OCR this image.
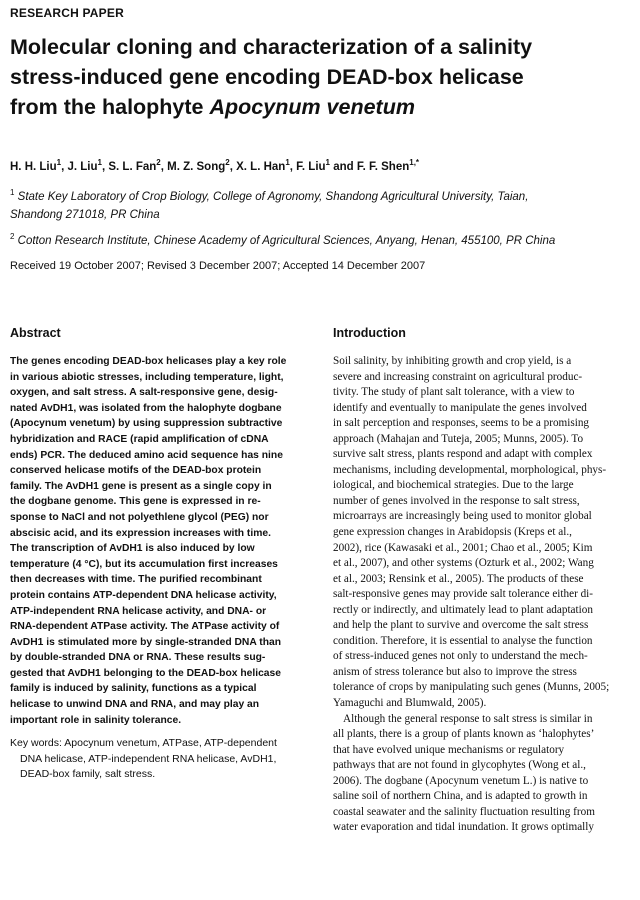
RESEARCH PAPER
Molecular cloning and characterization of a salinity
stress-induced gene encoding DEAD-box helicase
from the halophyte Apocynum venetum
H. H. Liu$^1$, J. Liu$^1$, S. L. Fan$^2$, M. Z. Song$^2$, X. L. Han$^1$, F. Liu$^1$ and F. F. Shen$^{1,*}$
$^1$ State Key Laboratory of Crop Biology, College of Agronomy, Shandong Agricultural University, Taian,
Shandong 271018, PR China
$^2$ Cotton Research Institute, Chinese Academy of Agricultural Sciences, Anyang, Henan, 455100, PR China
Received 19 October 2007; Revised 3 December 2007; Accepted 14 December 2007
Abstract
The genes encoding DEAD-box helicases play a key role
in various abiotic stresses, including temperature, light,
oxygen, and salt stress. A salt-responsive gene, desig-
nated AvDH1, was isolated from the halophyte dogbane
(Apocynum venetum) by using suppression subtractive
hybridization and RACE (rapid amplification of cDNA
ends) PCR. The deduced amino acid sequence has nine
conserved helicase motifs of the DEAD-box protein
family. The AvDH1 gene is present as a single copy in
the dogbane genome. This gene is expressed in re-
sponse to NaCl and not polyethlene glycol (PEG) nor
abscisic acid, and its expression increases with time.
The transcription of AvDH1 is also induced by low
temperature (4 °C), but its accumulation first increases
then decreases with time. The purified recombinant
protein contains ATP-dependent DNA helicase activity,
ATP-independent RNA helicase activity, and DNA- or
RNA-dependent ATPase activity. The ATPase activity of
AvDH1 is stimulated more by single-stranded DNA than
by double-stranded DNA or RNA. These results sug-
gested that AvDH1 belonging to the DEAD-box helicase
family is induced by salinity, functions as a typical
helicase to unwind DNA and RNA, and may play an
important role in salinity tolerance.
Key words: Apocynum venetum, ATPase, ATP-dependent
DNA helicase, ATP-independent RNA helicase, AvDH1,
DEAD-box family, salt stress.
Introduction
Soil salinity, by inhibiting growth and crop yield, is a
severe and increasing constraint on agricultural produc-
tivity. The study of plant salt tolerance, with a view to
identify and eventually to manipulate the genes involved
in salt perception and responses, seems to be a promising
approach (Mahajan and Tuteja, 2005; Munns, 2005). To
survive salt stress, plants respond and adapt with complex
mechanisms, including developmental, morphological, phys-
iological, and biochemical strategies. Due to the large
number of genes involved in the response to salt stress,
microarrays are increasingly being used to monitor global
gene expression changes in Arabidopsis (Kreps et al.,
2002), rice (Kawasaki et al., 2001; Chao et al., 2005; Kim
et al., 2007), and other systems (Ozturk et al., 2002; Wang
et al., 2003; Rensink et al., 2005). The products of these
salt-responsive genes may provide salt tolerance either di-
rectly or indirectly, and ultimately lead to plant adaptation
and help the plant to survive and overcome the salt stress
condition. Therefore, it is essential to analyse the function
of stress-induced genes not only to understand the mech-
anism of stress tolerance but also to improve the stress
tolerance of crops by manipulating such genes (Munns, 2005;
Yamaguchi and Blumwald, 2005).
Although the general response to salt stress is similar in
all plants, there is a group of plants known as ‘halophytes’
that have evolved unique mechanisms or regulatory
pathways that are not found in glycophytes (Wong et al.,
2006). The dogbane (Apocynum venetum L.) is native to
saline soil of northern China, and is adapted to growth in
coastal seawater and the salinity fluctuation resulting from
water evaporation and tidal inundation. It grows optimally
